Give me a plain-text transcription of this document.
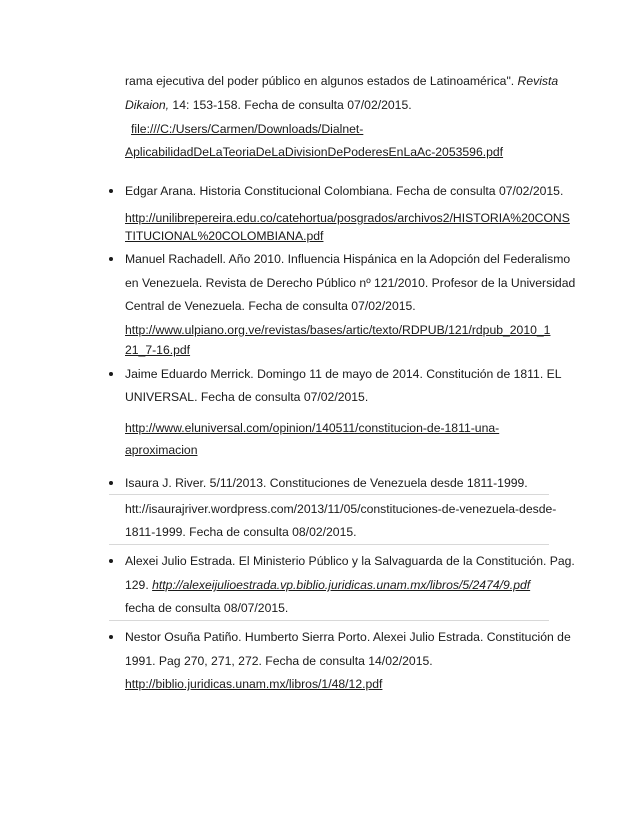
rama ejecutiva del poder público en algunos estados de Latinoamérica". Revista
Dikaion, 14: 153-158. Fecha de consulta 07/02/2015.
file:///C:/Users/Carmen/Downloads/Dialnet-
AplicabilidadDeLaTeoriaDeLaDivisionDePoderesEnLaAc-2053596.pdf
Edgar Arana. Historia Constitucional Colombiana. Fecha de consulta 07/02/2015.
http://unilibrepereira.edu.co/catehortua/posgrados/archivos2/HISTORIA%20CONS
TITUCIONAL%20COLOMBIANA.pdf
Manuel Rachadell. Año 2010. Influencia Hispánica en la Adopción del Federalismo
en Venezuela. Revista de Derecho Público nº 121/2010. Profesor de la Universidad
Central de Venezuela. Fecha de consulta 07/02/2015.
http://www.ulpiano.org.ve/revistas/bases/artic/texto/RDPUB/121/rdpub_2010_1
21_7-16.pdf
Jaime Eduardo Merrick. Domingo 11 de mayo de 2014. Constitución de 1811. EL
UNIVERSAL. Fecha de consulta 07/02/2015.
http://www.eluniversal.com/opinion/140511/constitucion-de-1811-una-
aproximacion
Isaura J. River. 5/11/2013. Constituciones de Venezuela desde 1811-1999.
htt://isaurajriver.wordpress.com/2013/11/05/constituciones-de-venezuela-desde-
1811-1999. Fecha de consulta 08/02/2015.
Alexei Julio Estrada. El Ministerio Público y la Salvaguarda de la Constitución. Pag.
129. http://alexeijulioestrada.vp.biblio.juridicas.unam.mx/libros/5/2474/9.pdf
fecha de consulta 08/07/2015.
Nestor Osuña Patiño. Humberto Sierra Porto. Alexei Julio Estrada. Constitución de
1991. Pag 270, 271, 272. Fecha de consulta 14/02/2015.
http://biblio.juridicas.unam.mx/libros/1/48/12.pdf
